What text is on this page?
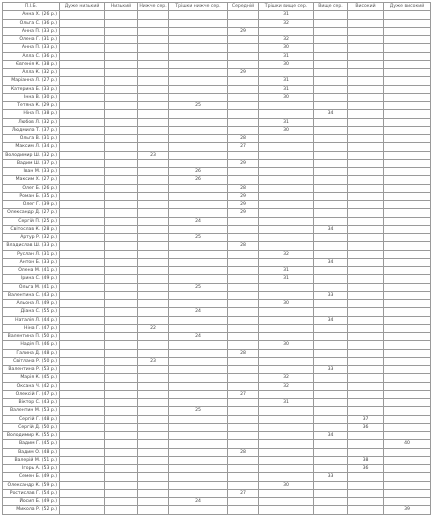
П.І.Б.	Дуже низький	Низький	Нижче сер.	Трішки нижче сер.	Середній	Трішки вище сер.	Вище сер.	Високий	Дуже високий
Анна Х. (26 р.)						31			
Ольга С. (36 р.)						32			
Анна П. (33 р.)					29				
Олена Г. (31 р.)						32			
Анна П. (33 р.)						30			
Алла С. (36 р.)						31			
Євгенія К. (38 р.)						30			
Алла К. (32 р.)					29				
Маріанна Л. (27 р.)						31			
Катерина Б. (33 р.)						31			
Інна В. (30 р.)						30			
Тетяна К. (29 р.)				25					
Ніна П. (38 р.)							34		
Любов Л. (32 р.)						31			
Людмила Т. (37 р.)						30			
Ольга В. (31 р.)					28				
Максим Л. (34 р.)					27				
Володимир Ш. (32 р.)			23						
Вадим Ш. (37 р.)					29				
Іван М. (33 р.)				26					
Максим Х. (27 р.)				26					
Олег Б. (26 р.)					28				
Роман Б. (35 р.)					29				
Олег Г. (39 р.)					29				
Олександр Д. (27 р.)					29				
Сергій П. (25 р.)				24					
Світослав К. (28 р.)							34		
Артур Р. (32 р.)				25					
Владислав Ш. (33 р.)					28				
Руслан Л. (31 р.)						32			
Антон Б. (33 р.)							34		
Олена М. (41 р.)						31			
Ірина С. (49 р.)						31			
Ольга М. (41 р.)				25					
Валентина С. (43 р.)							33		
Альона Л. (49 р.)						30			
Діана С. (55 р.)				24					
Наталія Л. (44 р.)							34		
Ніна Г. (47 р.)			22						
Валентина П. (50 р.)				24					
Надія П. (46 р.)						30			
Галина Д. (48 р.)					28				
Світлана Р. (50 р.)			23						
Валентина Р. (53 р.)							33		
Марія К. (45 р.)						32			
Оксана Ч. (42 р.)						32			
Олексій Г. (47 р.)					27				
Віктор С. (43 р.)						31			
Валентин М. (53 р.)				25					
Сергій Г. (48 р.)								37	
Сергій Д. (50 р.)								36	
Володимир К. (55 р.)							34		
Вадим Г. (45 р.)									40
Вадим О. (48 р.)					28				
Валерій М. (51 р.)								38	
Ігорь А. (53 р.)								36	
Семен Б. (49 р.)							33		
Олександр К. (59 р.)						30			
Ростислав Г. (54 р.)					27				
Йосип Б. (49 р.)				24					
Микола Р. (52 р.)									39
